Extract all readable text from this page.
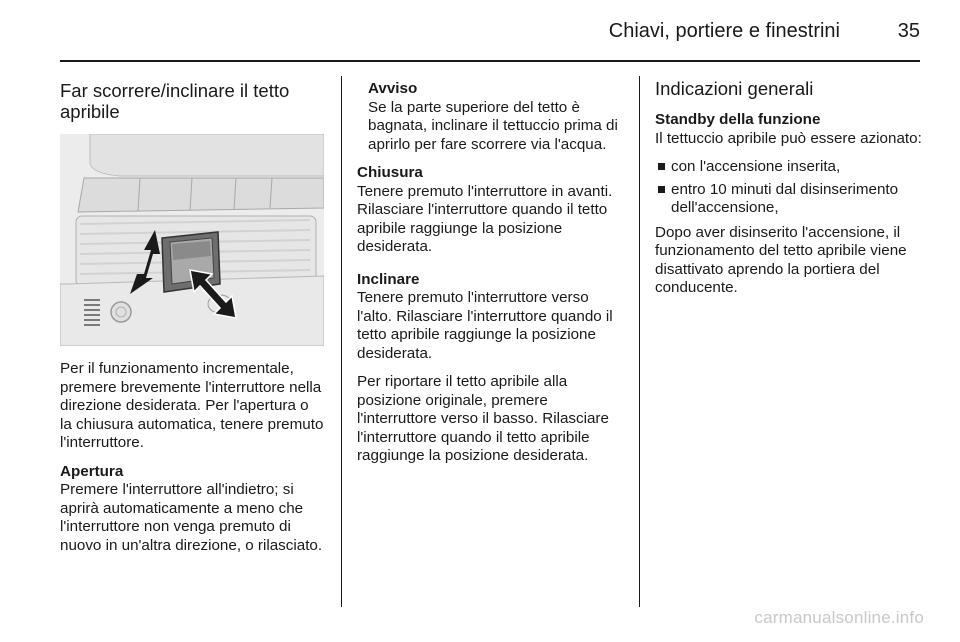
Chiavi, portiere e finestrini	35
Far scorrere/inclinare il tetto apribile

Per il funzionamento incrementale, premere brevemente l'interruttore nella direzione desiderata. Per l'apertura o la chiusura automatica, tenere premuto l'interruttore.

Apertura
Premere l'interruttore all'indietro; si aprirà automaticamente a meno che l'interruttore non venga premuto di nuovo in un'altra direzione, o rilasciato.

Avviso
Se la parte superiore del tetto è bagnata, inclinare il tettuccio prima di aprirlo per fare scorrere via l'acqua.

Chiusura
Tenere premuto l'interruttore in avanti. Rilasciare l'interruttore quando il tetto apribile raggiunge la posizione desiderata.

Inclinare
Tenere premuto l'interruttore verso l'alto. Rilasciare l'interruttore quando il tetto apribile raggiunge la posizione desiderata.

Per riportare il tetto apribile alla posizione originale, premere l'interruttore verso il basso. Rilasciare l'interruttore quando il tetto apribile raggiunge la posizione desiderata.

Indicazioni generali

Standby della funzione
Il tettuccio apribile può essere azionato:

con l'accensione inserita,
entro 10 minuti dal disinserimento dell'accensione,

Dopo aver disinserito l'accensione, il funzionamento del tetto apribile viene disattivato aprendo la portiera del conducente.

carmanualsonline.info
